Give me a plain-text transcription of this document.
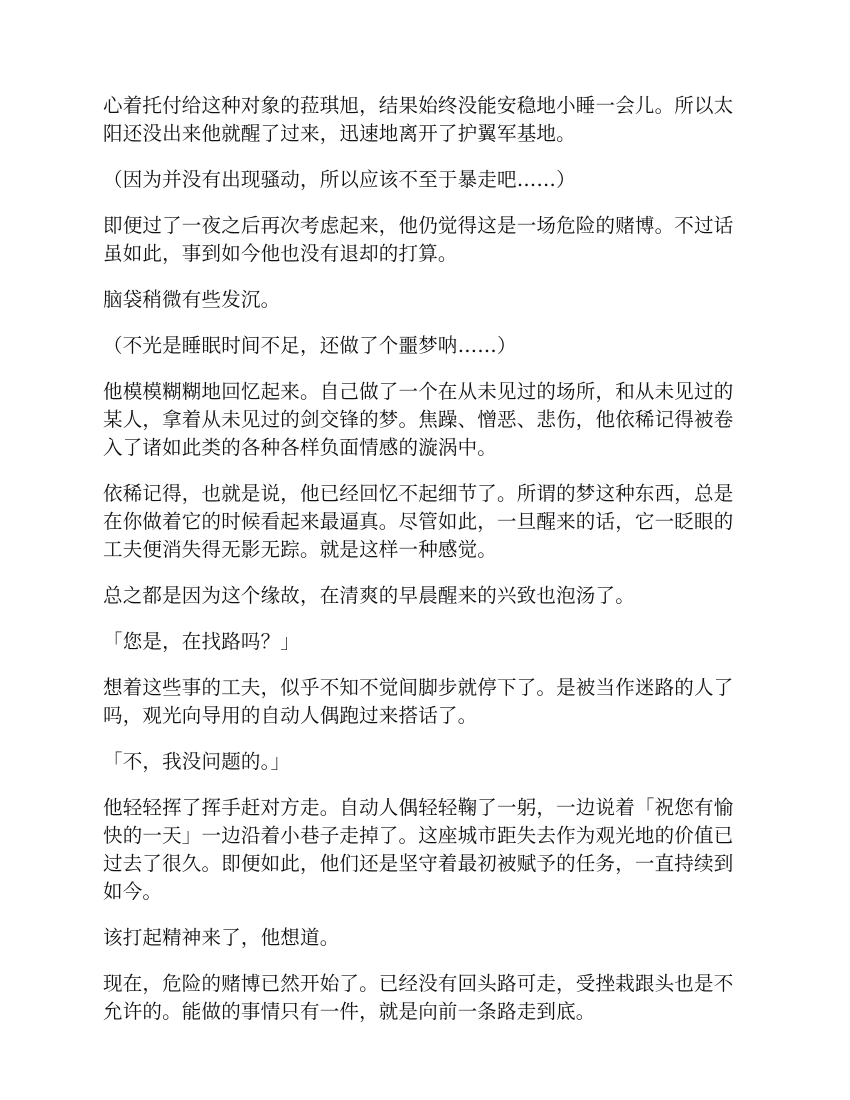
心着托付给这种对象的菈琪旭，结果始终没能安稳地小睡一会儿。所以太阳还没出来他就醒了过来，迅速地离开了护翼军基地。

（因为并没有出现骚动，所以应该不至于暴走吧……）

即便过了一夜之后再次考虑起来，他仍觉得这是一场危险的赌博。不过话虽如此，事到如今他也没有退却的打算。

脑袋稍微有些发沉。

（不光是睡眠时间不足，还做了个噩梦呐……）

他模模糊糊地回忆起来。自己做了一个在从未见过的场所，和从未见过的某人，拿着从未见过的剑交锋的梦。焦躁、憎恶、悲伤，他依稀记得被卷入了诸如此类的各种各样负面情感的漩涡中。

依稀记得，也就是说，他已经回忆不起细节了。所谓的梦这种东西，总是在你做着它的时候看起来最逼真。尽管如此，一旦醒来的话，它一眨眼的工夫便消失得无影无踪。就是这样一种感觉。

总之都是因为这个缘故，在清爽的早晨醒来的兴致也泡汤了。

「您是，在找路吗？」

想着这些事的工夫，似乎不知不觉间脚步就停下了。是被当作迷路的人了吗，观光向导用的自动人偶跑过来搭话了。

「不，我没问题的。」

他轻轻挥了挥手赶对方走。自动人偶轻轻鞠了一躬，一边说着「祝您有愉快的一天」一边沿着小巷子走掉了。这座城市距失去作为观光地的价值已过去了很久。即便如此，他们还是坚守着最初被赋予的任务，一直持续到如今。

该打起精神来了，他想道。

现在，危险的赌博已然开始了。已经没有回头路可走，受挫栽跟头也是不允许的。能做的事情只有一件，就是向前一条路走到底。
